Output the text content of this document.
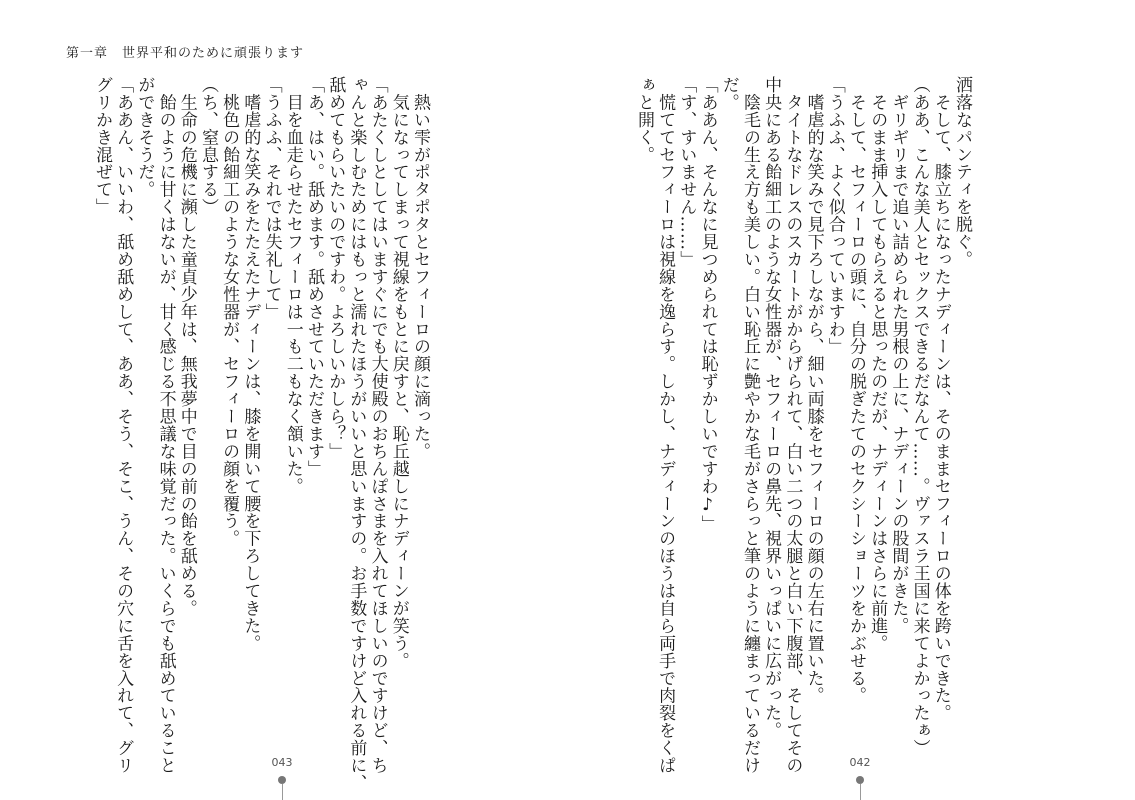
第一章　世界平和のために頑張ります
　熱い雫がポタポタとセフィーロの顔に滴った。
　気になってしまって視線をもとに戻すと、恥丘越しにナディーンが笑う。
「あたくしとしてはいますぐにでも大使殿のおちんぽさまを入れてほしいのですけど、ち
ゃんと楽しむためにはもっと濡れたほうがいいと思いますの。お手数ですけど入れる前に、
舐めてもらいたいのですわ。よろしいかしら？」
「あ、はい。舐めます。舐めさせていただきます」
　目を血走らせたセフィーロは一も二もなく頷いた。
「うふふ、それでは失礼して」
　嗜虐的な笑みをたたえたナディーンは、膝を開いて腰を下ろしてきた。
　桃色の飴細工のような女性器が、セフィーロの顔を覆う。
（ち、窒息する）
　生命の危機に瀕した童貞少年は、無我夢中で目の前の飴を舐める。
　飴のように甘くはないが、甘く感じる不思議な味覚だった。いくらでも舐めていること
ができそうだ。
「ああん、いいわ、舐め舐めして、ああ、そう、そこ、うん、その穴に舌を入れて、グリ
グリかき混ぜて」
043
洒落なパンティを脱ぐ。
　そして、膝立ちになったナディーンは、そのままセフィーロの体を跨いできた。
（ああ、こんな美人とセックスできるだなんて……。ヴァスラ王国に来てよかったぁ）
　ギリギリまで追い詰められた男根の上に、ナディーンの股間がきた。
　そのまま挿入してもらえると思ったのだが、ナディーンはさらに前進。
　そして、セフィーロの頭に、自分の脱ぎたてのセクシーショーツをかぶせる。
「うふふ、よく似合っていますわ」
　嗜虐的な笑みで見下ろしながら、細い両膝をセフィーロの顔の左右に置いた。
　タイトなドレスのスカートがからげられて、白い二つの太腿と白い下腹部、そしてその
中央にある飴細工のような女性器が、セフィーロの鼻先、視界いっぱいに広がった。
　陰毛の生え方も美しい。白い恥丘に艶やかな毛がさらっと筆のように纏まっているだけ
だ。
「ああん、そんなに見つめられては恥ずかしいですわ♪」
「す、すいません……」
　慌ててセフィーロは視線を逸らす。しかし、ナディーンのほうは自ら両手で肉裂をくぱ
ぁと開く。
042
